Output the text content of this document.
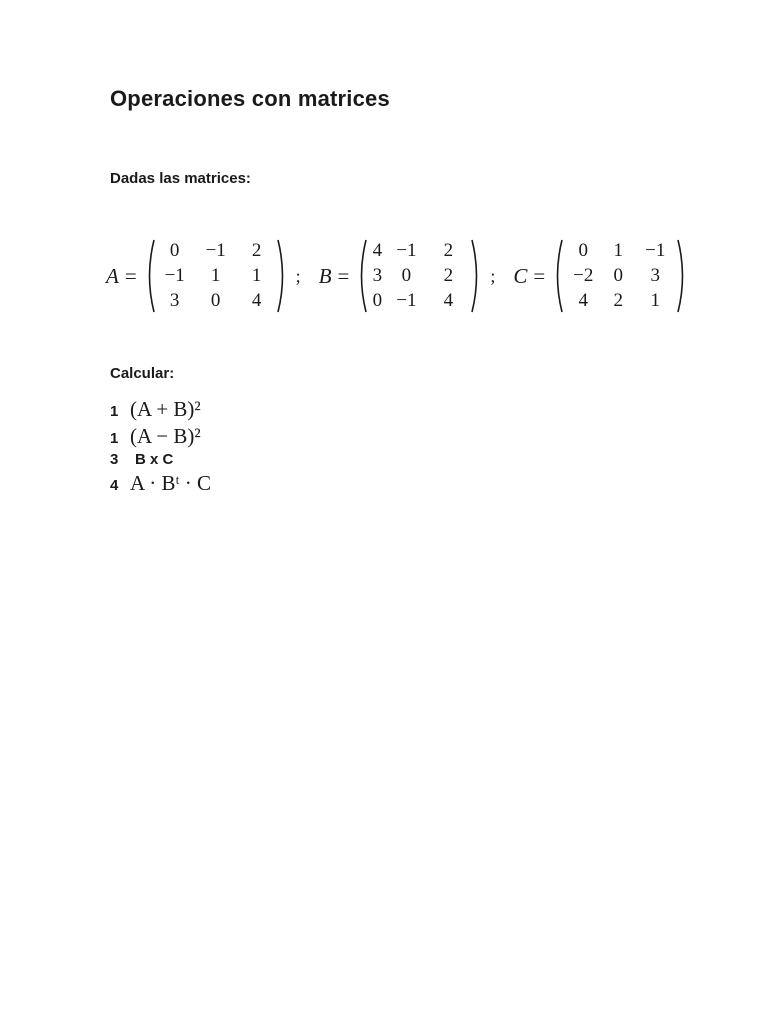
Operaciones con matrices
Dadas las matrices:
A =
0	−1	2
−1	1	1
3	0	4
; B =
4 −1	2
3	0	2
0 −1	4
; C =
0	1	−1
−2	0	3
4	2	1
Calcular:
1 (A + B)²
1 (A − B)²
3	B x C
4 A · Bᵗ · C
